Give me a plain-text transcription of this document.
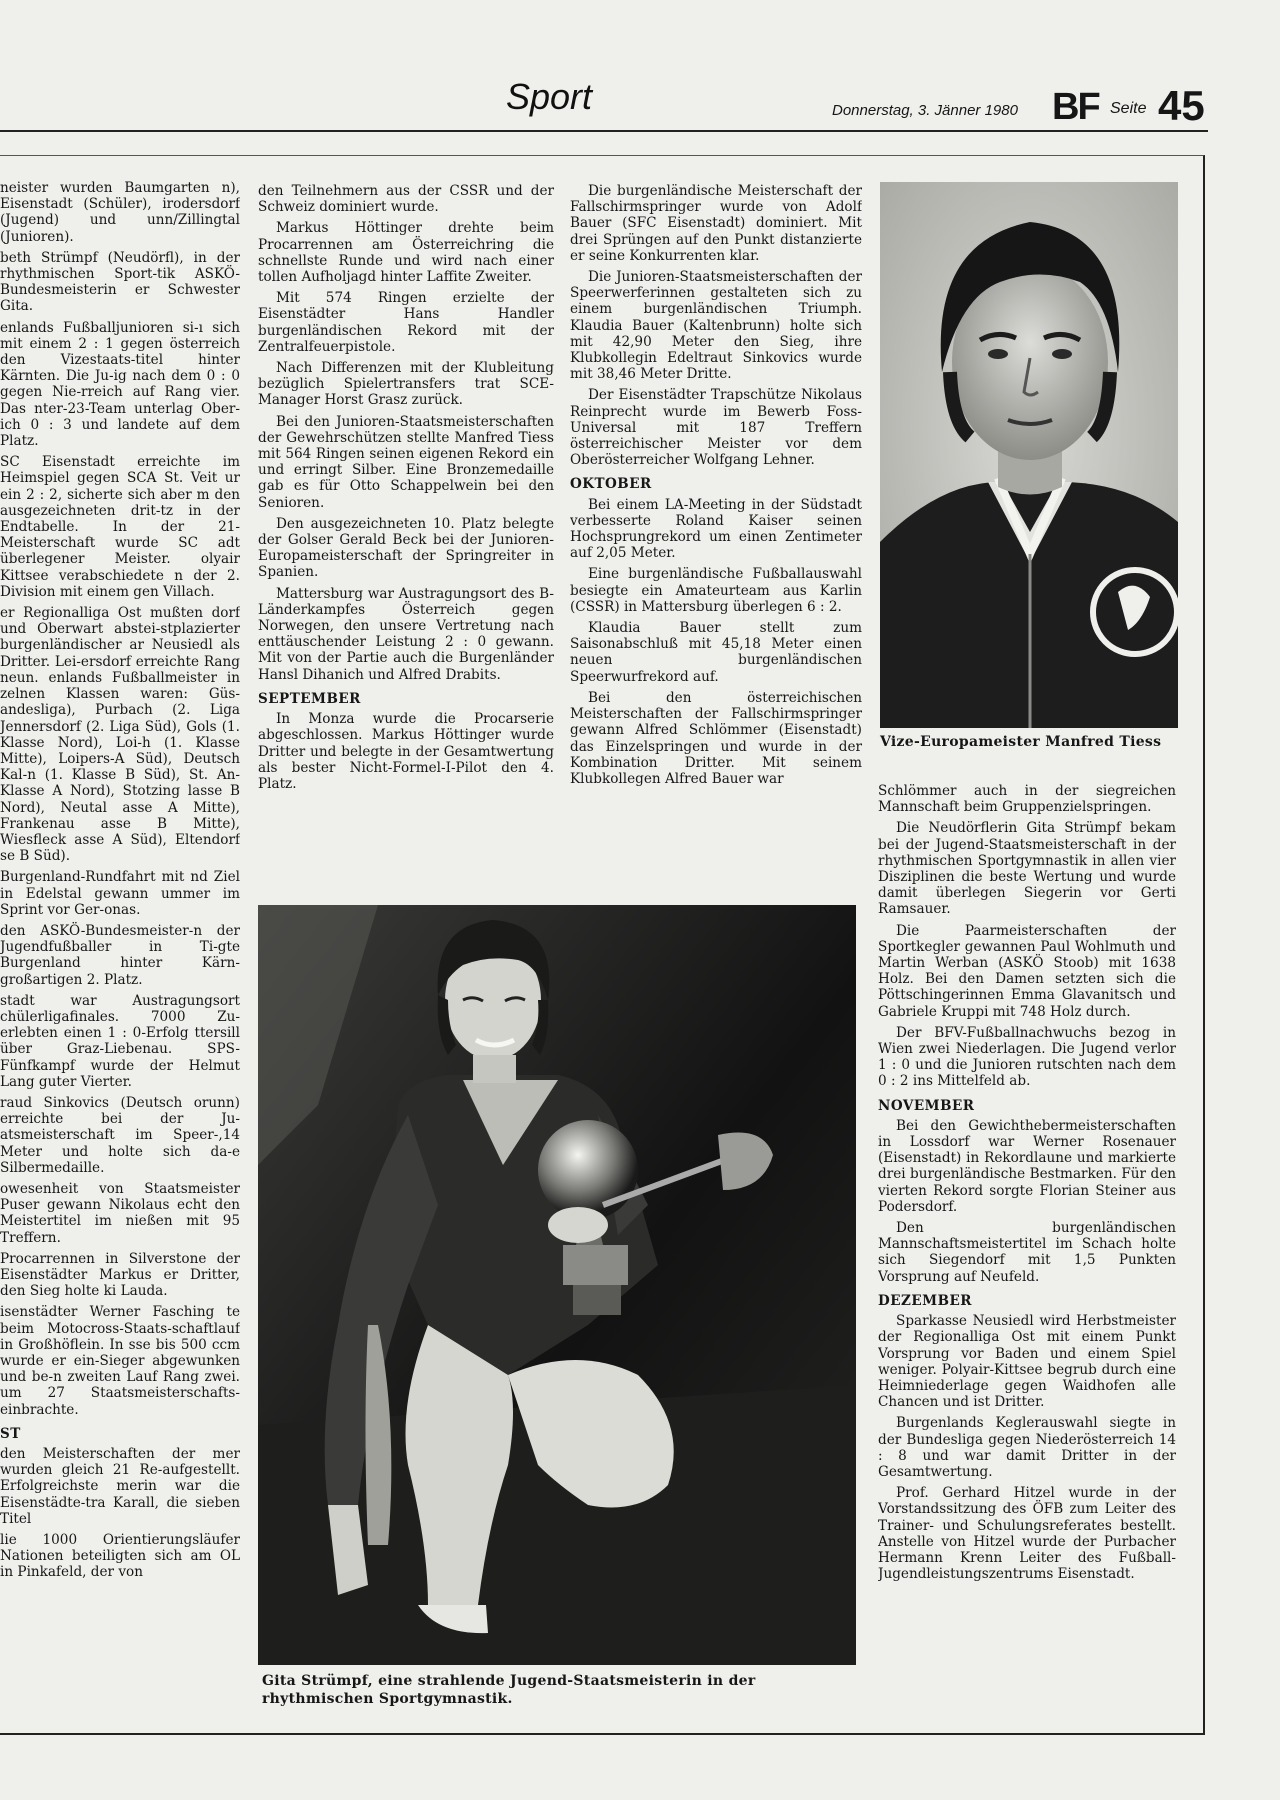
Sport	Donnerstag, 3. Jänner 1980 BF Seite 45

neister wurden Baumgarten n), Eisenstadt (Schüler), irodersdorf (Jugend) und unn/Zillingtal (Junioren).

beth Strümpf (Neudörfl), in der rhythmischen Sport-tik ASKÖ-Bundesmeisterin er Schwester Gita.

enlands Fußballjunioren si-ı sich mit einem 2 : 1 gegen österreich den Vizestaats-titel hinter Kärnten. Die Ju-ig nach dem 0 : 0 gegen Nie-rreich auf Rang vier. Das nter-23-Team unterlag Ober-ich 0 : 3 und landete auf dem Platz.

SC Eisenstadt erreichte im Heimspiel gegen SCA St. Veit ur ein 2 : 2, sicherte sich aber m den ausgezeichneten drit-tz in der Endtabelle. In der 21-Meisterschaft wurde SC adt überlegener Meister. olyair Kittsee verabschiedete n der 2. Division mit einem gen Villach.

er Regionalliga Ost mußten dorf und Oberwart abstei-stplazierter burgenländischer ar Neusiedl als Dritter. Lei-ersdorf erreichte Rang neun. enlands Fußballmeister in zelnen Klassen waren: Güs-andesliga), Purbach (2. Liga Jennersdorf (2. Liga Süd), Gols (1. Klasse Nord), Loi-h (1. Klasse Mitte), Loipers-A Süd), Deutsch Kal-n (1. Klasse B Süd), St. An-Klasse A Nord), Stotzing lasse B Nord), Neutal asse A Mitte), Frankenau asse B Mitte), Wiesfleck asse A Süd), Eltendorf se B Süd).

Burgenland-Rundfahrt mit nd Ziel in Edelstal gewann ummer im Sprint vor Ger-onas.

den ASKÖ-Bundesmeister-n der Jugendfußballer in Ti-gte Burgenland hinter Kärn-großartigen 2. Platz.

stadt war Austragungsort chülerligafinales. 7000 Zu-erlebten einen 1 : 0-Erfolg ttersill über Graz-Liebenau. SPS-Fünfkampf wurde der Helmut Lang guter Vierter.

raud Sinkovics (Deutsch orunn) erreichte bei der Ju-atsmeisterschaft im Speer-,14 Meter und holte sich da-e Silbermedaille.

owesenheit von Staatsmeister Puser gewann Nikolaus echt den Meistertitel im nießen mit 95 Treffern.

Procarrennen in Silverstone der Eisenstädter Markus er Dritter, den Sieg holte ki Lauda.

isenstädter Werner Fasching te beim Motocross-Staats-schaftlauf in Großhöflein. In sse bis 500 ccm wurde er ein-Sieger abgewunken und be-n zweiten Lauf Rang zwei. um 27 Staatsmeisterschafts-einbrachte.

ST

den Meisterschaften der mer wurden gleich 21 Re-aufgestellt. Erfolgreichste merin war die Eisenstädte-tra Karall, die sieben Titel

lie 1000 Orientierungsläufer Nationen beteiligten sich am OL in Pinkafeld, der von

den Teilnehmern aus der CSSR und der Schweiz dominiert wurde.

Markus Höttinger drehte beim Procarrennen am Österreichring die schnellste Runde und wird nach einer tollen Aufholjagd hinter Laffite Zweiter.

Mit 574 Ringen erzielte der Eisenstädter Hans Handler burgenländischen Rekord mit der Zentralfeuerpistole.

Nach Differenzen mit der Klubleitung bezüglich Spielertransfers trat SCE-Manager Horst Grasz zurück.

Bei den Junioren-Staatsmeisterschaften der Gewehrschützen stellte Manfred Tiess mit 564 Ringen seinen eigenen Rekord ein und erringt Silber. Eine Bronzemedaille gab es für Otto Schappelwein bei den Senioren.

Den ausgezeichneten 10. Platz belegte der Golser Gerald Beck bei der Junioren-Europameisterschaft der Springreiter in Spanien.

Mattersburg war Austragungsort des B-Länderkampfes Österreich gegen Norwegen, den unsere Vertretung nach enttäuschender Leistung 2 : 0 gewann. Mit von der Partie auch die Burgenländer Hansl Dihanich und Alfred Drabits.

SEPTEMBER

In Monza wurde die Procarserie abgeschlossen. Markus Höttinger wurde Dritter und belegte in der Gesamtwertung als bester Nicht-Formel-I-Pilot den 4. Platz.

Die burgenländische Meisterschaft der Fallschirmspringer wurde von Adolf Bauer (SFC Eisenstadt) dominiert. Mit drei Sprüngen auf den Punkt distanzierte er seine Konkurrenten klar.

Die Junioren-Staatsmeisterschaften der Speerwerferinnen gestalteten sich zu einem burgenländischen Triumph. Klaudia Bauer (Kaltenbrunn) holte sich mit 42,90 Meter den Sieg, ihre Klubkollegin Edeltraut Sinkovics wurde mit 38,46 Meter Dritte.

Der Eisenstädter Trapschütze Nikolaus Reinprecht wurde im Bewerb Foss-Universal mit 187 Treffern österreichischer Meister vor dem Oberösterreicher Wolfgang Lehner.

OKTOBER

Bei einem LA-Meeting in der Südstadt verbesserte Roland Kaiser seinen Hochsprungrekord um einen Zentimeter auf 2,05 Meter.

Eine burgenländische Fußballauswahl besiegte ein Amateurteam aus Karlin (CSSR) in Mattersburg überlegen 6 : 2.

Klaudia Bauer stellt zum Saisonabschluß mit 45,18 Meter einen neuen burgenländischen Speerwurfrekord auf.

Bei den österreichischen Meisterschaften der Fallschirmspringer gewann Alfred Schlömmer (Eisenstadt) das Einzelspringen und wurde in der Kombination Dritter. Mit seinem Klubkollegen Alfred Bauer war

Vize-Europameister Manfred Tiess
Gita Strümpf, eine strahlende Jugend-Staatsmeisterin in der rhythmischen Sportgymnastik.

Schlömmer auch in der siegreichen Mannschaft beim Gruppenzielspringen.

Die Neudörflerin Gita Strümpf bekam bei der Jugend-Staatsmeisterschaft in der rhythmischen Sportgymnastik in allen vier Disziplinen die beste Wertung und wurde damit überlegen Siegerin vor Gerti Ramsauer.

Die Paarmeisterschaften der Sportkegler gewannen Paul Wohlmuth und Martin Werban (ASKÖ Stoob) mit 1638 Holz. Bei den Damen setzten sich die Pöttschingerinnen Emma Glavanitsch und Gabriele Kruppi mit 748 Holz durch.

Der BFV-Fußballnachwuchs bezog in Wien zwei Niederlagen. Die Jugend verlor 1 : 0 und die Junioren rutschten nach dem 0 : 2 ins Mittelfeld ab.

NOVEMBER

Bei den Gewichthebermeisterschaften in Lossdorf war Werner Rosenauer (Eisenstadt) in Rekordlaune und markierte drei burgenländische Bestmarken. Für den vierten Rekord sorgte Florian Steiner aus Podersdorf.

Den burgenländischen Mannschaftsmeistertitel im Schach holte sich Siegendorf mit 1,5 Punkten Vorsprung auf Neufeld.

DEZEMBER

Sparkasse Neusiedl wird Herbstmeister der Regionalliga Ost mit einem Punkt Vorsprung vor Baden und einem Spiel weniger. Polyair-Kittsee begrub durch eine Heimniederlage gegen Waidhofen alle Chancen und ist Dritter.

Burgenlands Keglerauswahl siegte in der Bundesliga gegen Niederösterreich 14 : 8 und war damit Dritter in der Gesamtwertung.

Prof. Gerhard Hitzel wurde in der Vorstandssitzung des ÖFB zum Leiter des Trainer- und Schulungsreferates bestellt. Anstelle von Hitzel wurde der Purbacher Hermann Krenn Leiter des Fußball-Jugendleistungszentrums Eisenstadt.
